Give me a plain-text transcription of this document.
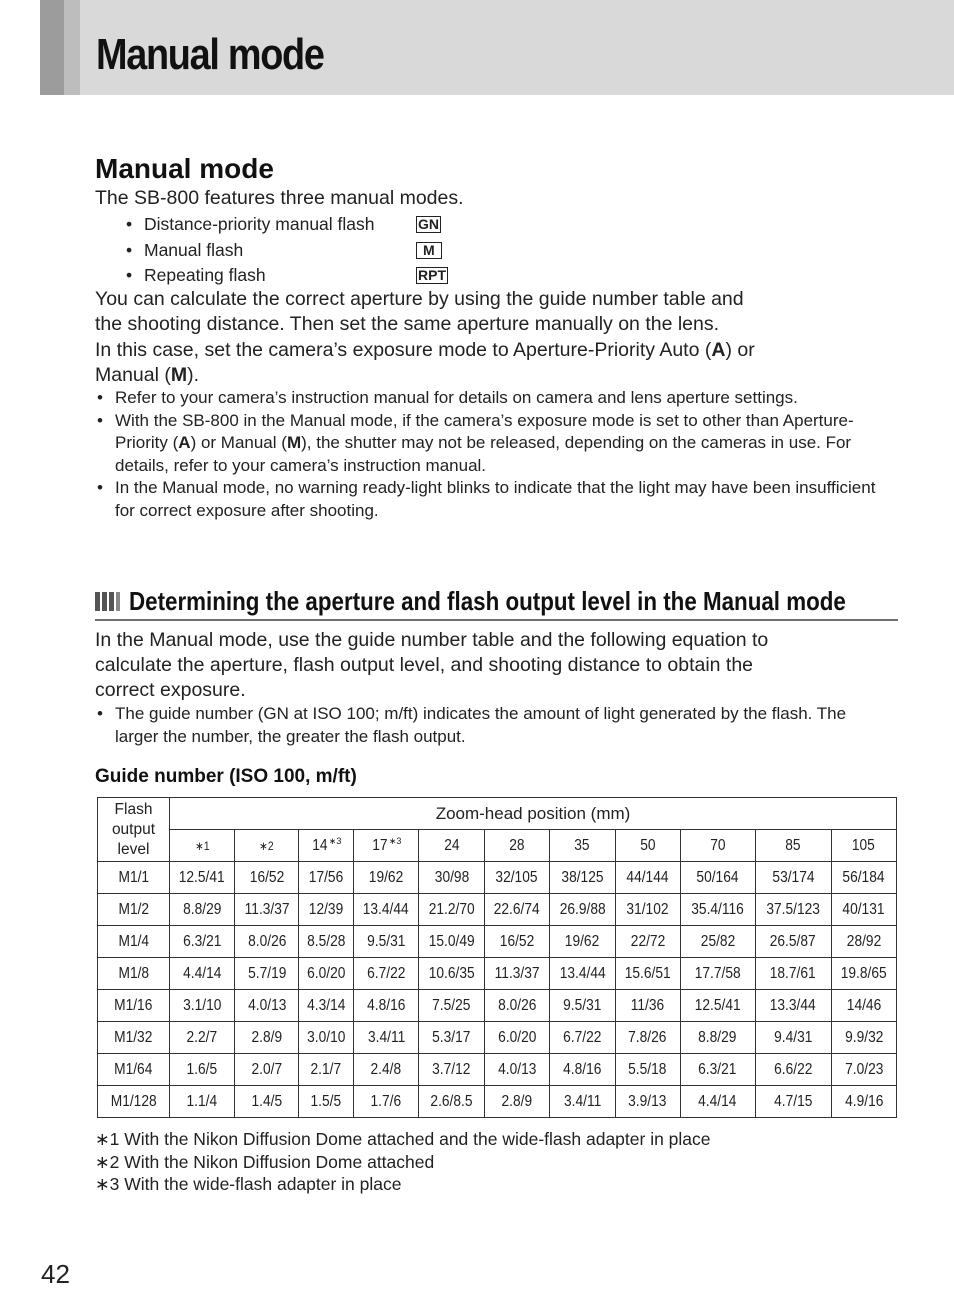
Manual mode
Manual mode
The SB-800 features three manual modes.
• Distance-priority manual flash	GN
• Manual flash	M
• Repeating flash	RPT
You can calculate the correct aperture by using the guide number table and
the shooting distance. Then set the same aperture manually on the lens.
In this case, set the camera’s exposure mode to Aperture-Priority Auto (A) or
Manual (M).
• Refer to your camera’s instruction manual for details on camera and lens aperture settings.
• With the SB-800 in the Manual mode, if the camera’s exposure mode is set to other than Aperture-Priority (A) or Manual (M), the shutter may not be released, depending on the cameras in use. For details, refer to your camera’s instruction manual.
• In the Manual mode, no warning ready-light blinks to indicate that the light may have been insufficient for correct exposure after shooting.
Determining the aperture and flash output level in the Manual mode
In the Manual mode, use the guide number table and the following equation to
calculate the aperture, flash output level, and shooting distance to obtain the
correct exposure.
• The guide number (GN at ISO 100; m/ft) indicates the amount of light generated by the flash. The larger the number, the greater the flash output.
Guide number (ISO 100, m/ft)
Flash output level	Zoom-head position (mm)										
	∗1	∗2	$14^{∗3}$	$17^{∗3}$	24	28	35	50	70	85	105
M1/1	12.5/41	16/52	17/56	19/62	30/98	32/105	38/125	44/144	50/164	53/174	56/184
M1/2	8.8/29	11.3/37	12/39	13.4/44	21.2/70	22.6/74	26.9/88	31/102	35.4/116	37.5/123	40/131
M1/4	6.3/21	8.0/26	8.5/28	9.5/31	15.0/49	16/52	19/62	22/72	25/82	26.5/87	28/92
M1/8	4.4/14	5.7/19	6.0/20	6.7/22	10.6/35	11.3/37	13.4/44	15.6/51	17.7/58	18.7/61	19.8/65
M1/16	3.1/10	4.0/13	4.3/14	4.8/16	7.5/25	8.0/26	9.5/31	11/36	12.5/41	13.3/44	14/46
M1/32	2.2/7	2.8/9	3.0/10	3.4/11	5.3/17	6.0/20	6.7/22	7.8/26	8.8/29	9.4/31	9.9/32
M1/64	1.6/5	2.0/7	2.1/7	2.4/8	3.7/12	4.0/13	4.8/16	5.5/18	6.3/21	6.6/22	7.0/23
M1/128	1.1/4	1.4/5	1.5/5	1.7/6	2.6/8.5	2.8/9	3.4/11	3.9/13	4.4/14	4.7/15	4.9/16
∗1 With the Nikon Diffusion Dome attached and the wide-flash adapter in place
∗2 With the Nikon Diffusion Dome attached
∗3 With the wide-flash adapter in place
42
